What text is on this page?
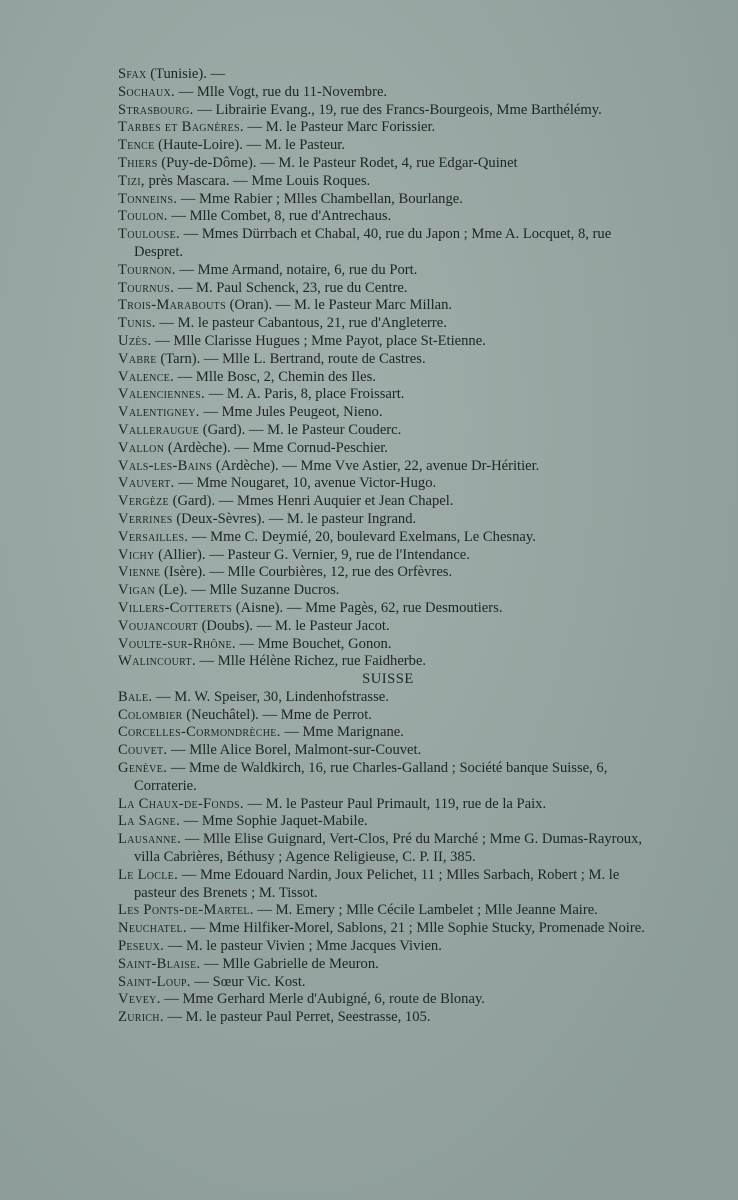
Sfax (Tunisie). —

Sochaux. — Mlle Vogt, rue du 11-Novembre.

Strasbourg. — Librairie Evang., 19, rue des Francs-Bourgeois, Mme Barthélémy.

Tarbes et Bagnères. — M. le Pasteur Marc Forissier.

Tence (Haute-Loire). — M. le Pasteur.

Thiers (Puy-de-Dôme). — M. le Pasteur Rodet, 4, rue Edgar-Quinet

Tizi, près Mascara. — Mme Louis Roques.

Tonneins. — Mme Rabier ; Mlles Chambellan, Bourlange.

Toulon. — Mlle Combet, 8, rue d'Antrechaus.

Toulouse. — Mmes Dürrbach et Chabal, 40, rue du Japon ; Mme A. Locquet, 8, rue Despret.

Tournon. — Mme Armand, notaire, 6, rue du Port.

Tournus. — M. Paul Schenck, 23, rue du Centre.

Trois-Marabouts (Oran). — M. le Pasteur Marc Millan.

Tunis. — M. le pasteur Cabantous, 21, rue d'Angleterre.

Uzès. — Mlle Clarisse Hugues ; Mme Payot, place St-Etienne.

Vabre (Tarn). — Mlle L. Bertrand, route de Castres.

Valence. — Mlle Bosc, 2, Chemin des Iles.

Valenciennes. — M. A. Paris, 8, place Froissart.

Valentigney. — Mme Jules Peugeot, Nieno.

Valleraugue (Gard). — M. le Pasteur Couderc.

Vallon (Ardèche). — Mme Cornud-Peschier.

Vals-les-Bains (Ardèche). — Mme Vve Astier, 22, avenue Dr-Héritier.

Vauvert. — Mme Nougaret, 10, avenue Victor-Hugo.

Vergèze (Gard). — Mmes Henri Auquier et Jean Chapel.

Verrines (Deux-Sèvres). — M. le pasteur Ingrand.

Versailles. — Mme C. Deymié, 20, boulevard Exelmans, Le Chesnay.

Vichy (Allier). — Pasteur G. Vernier, 9, rue de l'Intendance.

Vienne (Isère). — Mlle Courbières, 12, rue des Orfèvres.

Vigan (Le). — Mlle Suzanne Ducros.

Villers-Cotterets (Aisne). — Mme Pagès, 62, rue Desmoutiers.

Voujancourt (Doubs). — M. le Pasteur Jacot.

Voulte-sur-Rhône. — Mme Bouchet, Gonon.

Walincourt. — Mlle Hélène Richez, rue Faidherbe.

SUISSE

Bale. — M. W. Speiser, 30, Lindenhofstrasse.

Colombier (Neuchâtel). — Mme de Perrot.

Corcelles-Cormondrèche. — Mme Marignane.

Couvet. — Mlle Alice Borel, Malmont-sur-Couvet.

Genève. — Mme de Waldkirch, 16, rue Charles-Galland ; Société banque Suisse, 6, Corraterie.

La Chaux-de-Fonds. — M. le Pasteur Paul Primault, 119, rue de la Paix.

La Sagne. — Mme Sophie Jaquet-Mabile.

Lausanne. — Mlle Elise Guignard, Vert-Clos, Pré du Marché ; Mme G. Dumas-Rayroux, villa Cabrières, Béthusy ; Agence Religieuse, C. P. II, 385.

Le Locle. — Mme Edouard Nardin, Joux Pelichet, 11 ; Mlles Sarbach, Robert ; M. le pasteur des Brenets ; M. Tissot.

Les Ponts-de-Martel. — M. Emery ; Mlle Cécile Lambelet ; Mlle Jeanne Maire.

Neuchatel. — Mme Hilfiker-Morel, Sablons, 21 ; Mlle Sophie Stucky, Promenade Noire.

Peseux. — M. le pasteur Vivien ; Mme Jacques Vivien.

Saint-Blaise. — Mlle Gabrielle de Meuron.

Saint-Loup. — Sœur Vic. Kost.

Vevey. — Mme Gerhard Merle d'Aubigné, 6, route de Blonay.

Zurich. — M. le pasteur Paul Perret, Seestrasse, 105.
